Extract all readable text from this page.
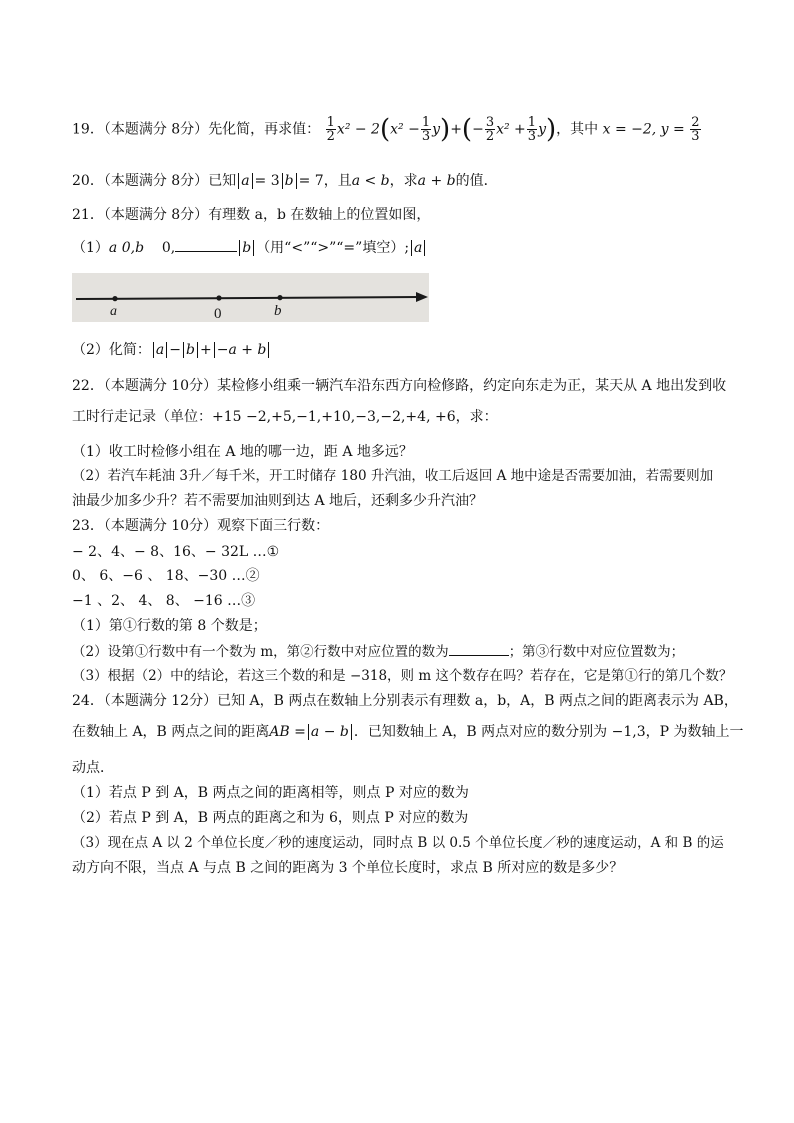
19．（本题满分 8分）先化简，再求值： $\frac{1}{2} x^2 - 2(x^2 - \frac{1}{3} y)+(- \frac{3}{2} x^2 + \frac{1}{3} y)$，其中 x = −2, $y = \frac{2}{3}$
20．（本题满分 8分）已知 a = 3 b = 7，且a < b，求a + b的值．
21．（本题满分 8分）有理数 a，b 在数轴上的位置如图，
（1）a 0,b 0,	b （用“<”“>”“=”填空）; a
a	0	b
（2）化简： a − b + −a + b
22．（本题满分 10分）某检修小组乘一辆汽车沿东西方向检修路，约定向东走为正，某天从 A 地出发到收
工时行走记录（单位：+15 −2,+5,−1,+10,−3,−2,+4, +6，求：
（1）收工时检修小组在 A 地的哪一边，距 A 地多远？
（2）若汽车耗油 3升／每千米，开工时储存 180 升汽油，收工后返回 A 地中途是否需要加油，若需要则加
油最少加多少升？若不需要加油则到达 A 地后，还剩多少升汽油？
23．（本题满分 10分）观察下面三行数：
− 2、4、− 8、16、− 32L …①
0、 6、−6 、 18、−30 …②
−1 、2、 4、 8、 −16 …③
（1）第①行数的第 8 个数是；
（2）设第①行数中有一个数为 m，第②行数中对应位置的数为	；第③行数中对应位置数为；
（3）根据（2）中的结论，若这三个数的和是 −318，则 m 这个数存在吗？若存在，它是第①行的第几个数？
24．（本题满分 12分）已知 A，B 两点在数轴上分别表示有理数 a，b，A，B 两点之间的距离表示为 AB，
在数轴上 A，B 两点之间的距离AB = a − b ．已知数轴上 A，B 两点对应的数分别为 −1,3，P 为数轴上一
动点．
（1）若点 P 到 A，B 两点之间的距离相等，则点 P 对应的数为
（2）若点 P 到 A，B 两点的距离之和为 6，则点 P 对应的数为
（3）现在点 A 以 2 个单位长度／秒的速度运动，同时点 B 以 0.5 个单位长度／秒的速度运动，A 和 B 的运
动方向不限，当点 A 与点 B 之间的距离为 3 个单位长度时，求点 B 所对应的数是多少？
